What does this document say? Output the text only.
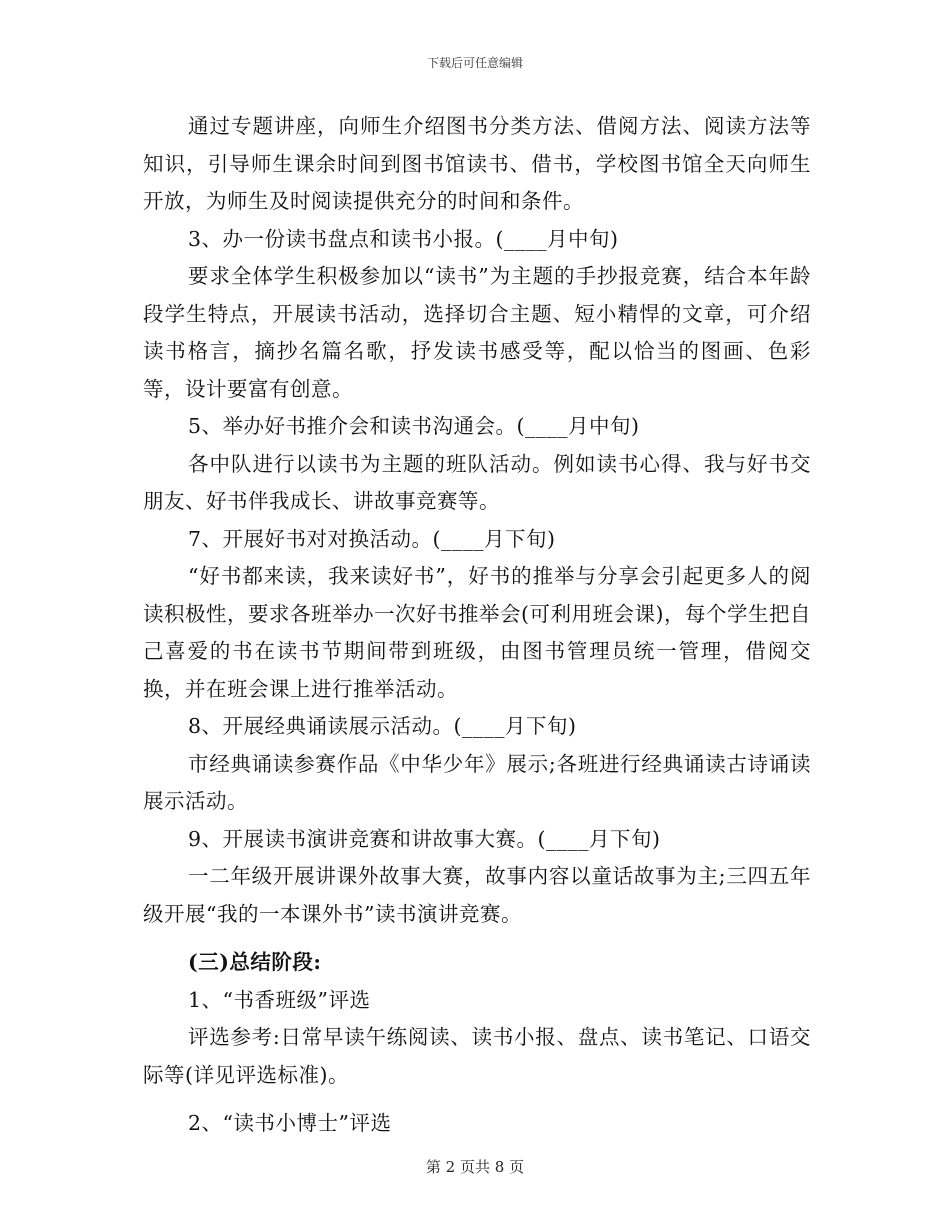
下载后可任意编辑

通过专题讲座，向师生介绍图书分类方法、借阅方法、阅读方法等知识，引导师生课余时间到图书馆读书、借书，学校图书馆全天向师生开放，为师生及时阅读提供充分的时间和条件。

3、办一份读书盘点和读书小报。(____月中旬)

要求全体学生积极参加以“读书”为主题的手抄报竞赛，结合本年龄段学生特点，开展读书活动，选择切合主题、短小精悍的文章，可介绍读书格言，摘抄名篇名歌，抒发读书感受等，配以恰当的图画、色彩等，设计要富有创意。

5、举办好书推介会和读书沟通会。(____月中旬)

各中队进行以读书为主题的班队活动。例如读书心得、我与好书交朋友、好书伴我成长、讲故事竞赛等。

7、开展好书对对换活动。(____月下旬)

“好书都来读，我来读好书”，好书的推举与分享会引起更多人的阅读积极性，要求各班举办一次好书推举会(可利用班会课)，每个学生把自己喜爱的书在读书节期间带到班级，由图书管理员统一管理，借阅交换，并在班会课上进行推举活动。

8、开展经典诵读展示活动。(____月下旬)

市经典诵读参赛作品《中华少年》展示;各班进行经典诵读古诗诵读展示活动。

9、开展读书演讲竞赛和讲故事大赛。(____月下旬)

一二年级开展讲课外故事大赛，故事内容以童话故事为主;三四五年级开展“我的一本课外书”读书演讲竞赛。

(三)总结阶段:

1、“书香班级”评选

评选参考:日常早读午练阅读、读书小报、盘点、读书笔记、口语交际等(详见评选标准)。

2、“读书小博士”评选

第 2 页共 8 页
